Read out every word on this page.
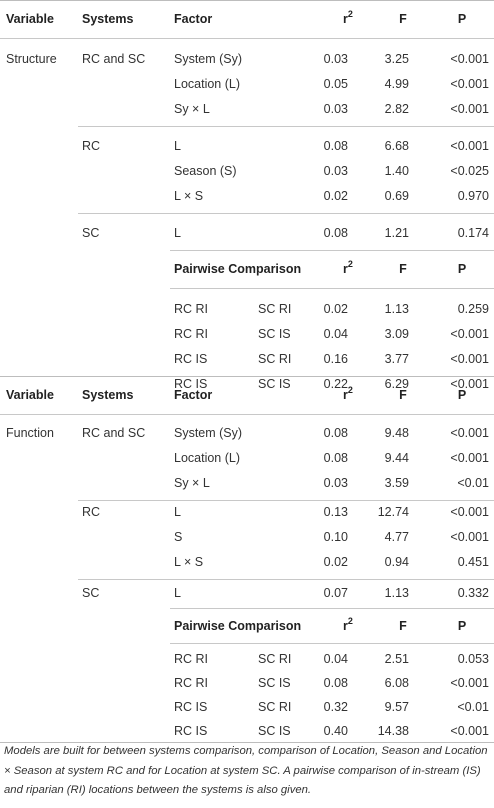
Variable Systems	Factor	$r^2$	F	P
Structure RC and SC System (Sy)	0.03	3.25	<0.001
Location (L)	0.05	4.99	<0.001
Sy × L	0.03	2.82	<0.001
RC	L	0.08	6.68	<0.001
Season (S)	0.03	1.40	<0.025
L × S	0.02	0.69	0.970
SC	L	0.08	1.21	0.174
Pairwise Comparison	$r^2$	F	P
RC RI	SC RI	0.02	1.13	0.259
RC RI	SC IS	0.04	3.09	<0.001
RC IS	SC RI	0.16	3.77	<0.001
RC IS	SC IS	0.22	6.29	<0.001
Variable Systems	Factor	$r^2$	F	P
Function RC and SC System (Sy)	0.08	9.48	<0.001
Location (L)	0.08	9.44	<0.001
Sy × L	0.03	3.59	<0.01
RC	L	0.13 12.74	<0.001
S	0.10	4.77	<0.001
L × S	0.02	0.94	0.451
SC	L	0.07	1.13	0.332
Pairwise Comparison	$r^2$	F	P
RC RI	SC RI	0.04	2.51	0.053
RC RI	SC IS	0.08	6.08	<0.001
RC IS	SC RI	0.32	9.57	<0.01
RC IS	SC IS	0.40 14.38	<0.001
Models are built for between systems comparison, comparison of Location, Season and Location × Season at system RC and for Location at system SC. A pairwise comparison of in-stream (IS) and riparian (RI) locations between the systems is also given.
